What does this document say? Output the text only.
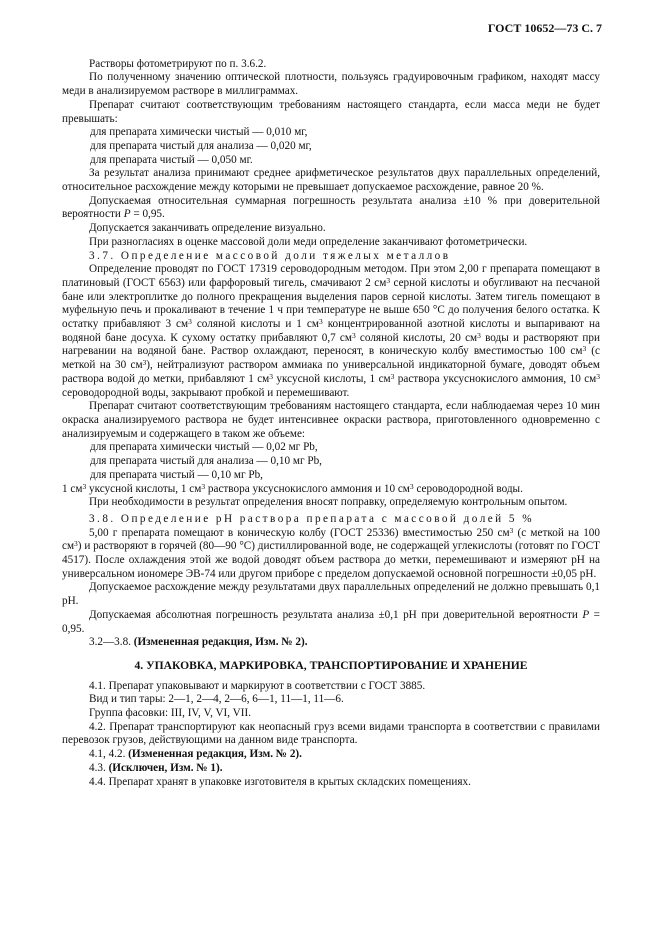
ГОСТ 10652—73 С. 7

Растворы фотометрируют по п. 3.6.2.

По полученному значению оптической плотности, пользуясь градуировочным графиком, находят массу меди в анализируемом растворе в миллиграммах.

Препарат считают соответствующим требованиям настоящего стандарта, если масса меди не будет превышать:

для препарата химически чистый — 0,010 мг,

для препарата чистый для анализа — 0,020 мг,

для препарата чистый — 0,050 мг.

За результат анализа принимают среднее арифметическое результатов двух параллельных определений, относительное расхождение между которыми не превышает допускаемое расхождение, равное 20 %.

Допускаемая относительная суммарная погрешность результата анализа ±10 % при доверительной вероятности P = 0,95.

Допускается заканчивать определение визуально.

При разногласиях в оценке массовой доли меди определение заканчивают фотометрически.

3.7. Определение массовой доли тяжелых металлов

Определение проводят по ГОСТ 17319 сероводородным методом. При этом 2,00 г препарата помещают в платиновый (ГОСТ 6563) или фарфоровый тигель, смачивают 2 $см^3$ серной кислоты и обугливают на песчаной бане или электроплитке до полного прекращения выделения паров серной кислоты. Затем тигель помещают в муфельную печь и прокаливают в течение 1 ч при температуре не выше 650 °С до получения белого остатка. К остатку прибавляют 3 $см^3$ соляной кислоты и 1 $см^3$ концентрированной азотной кислоты и выпаривают на водяной бане досуха. К сухому остатку прибавляют 0,7 $см^3$ соляной кислоты, 20 $см^3$ воды и растворяют при нагревании на водяной бане. Раствор охлаждают, переносят, в коническую колбу вместимостью 100 $см^3$ (с меткой на 30 $см^3$), нейтрализуют раствором аммиака по универсальной индикаторной бумаге, доводят объем раствора водой до метки, прибавляют 1 $см^3$ уксусной кислоты, 1 $см^3$ раствора уксуснокислого аммония, 10 $см^3$ сероводородной воды, закрывают пробкой и перемешивают.

Препарат считают соответствующим требованиям настоящего стандарта, если наблюдаемая через 10 мин окраска анализируемого раствора не будет интенсивнее окраски раствора, приготовленного одновременно с анализируемым и содержащего в таком же объеме:

для препарата химически чистый — 0,02 мг Pb,

для препарата чистый для анализа — 0,10 мг Pb,

для препарата чистый — 0,10 мг Pb,

1 $см^3$ уксусной кислоты, 1 $см^3$ раствора уксуснокислого аммония и 10 $см^3$ сероводородной воды.

При необходимости в результат определения вносят поправку, определяемую контрольным опытом.

3.8. Определение рН раствора препарата с массовой долей 5 %

5,00 г препарата помещают в коническую колбу (ГОСТ 25336) вместимостью 250 $см^3$ (с меткой на 100 $см^3$) и растворяют в горячей (80—90 °С) дистиллированной воде, не содержащей углекислоты (готовят по ГОСТ 4517). После охлаждения этой же водой доводят объем раствора до метки, перемешивают и измеряют рН на универсальном иономере ЭВ-74 или другом приборе с пределом допускаемой основной погрешности ±0,05 рН.

Допускаемое расхождение между результатами двух параллельных определений не должно превышать 0,1 рН.

Допускаемая абсолютная погрешность результата анализа ±0,1 рН при доверительной вероятности P = 0,95.

3.2—3.8. (Измененная редакция, Изм. № 2).

4. УПАКОВКА, МАРКИРОВКА, ТРАНСПОРТИРОВАНИЕ И ХРАНЕНИЕ

4.1. Препарат упаковывают и маркируют в соответствии с ГОСТ 3885.

Вид и тип тары: 2—1, 2—4, 2—6, 6—1, 11—1, 11—6.

Группа фасовки: III, IV, V, VI, VII.

4.2. Препарат транспортируют как неопасный груз всеми видами транспорта в соответствии с правилами перевозок грузов, действующими на данном виде транспорта.

4.1, 4.2. (Измененная редакция, Изм. № 2).

4.3. (Исключен, Изм. № 1).

4.4. Препарат хранят в упаковке изготовителя в крытых складских помещениях.
